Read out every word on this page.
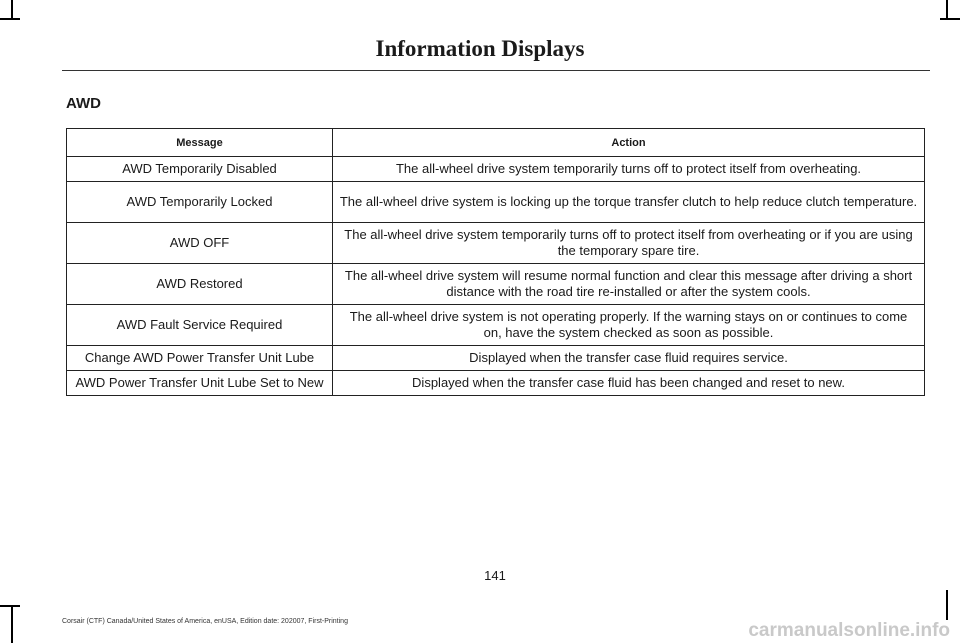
Information Displays
AWD
Message	Action
AWD Temporarily Disabled	The all-wheel drive system temporarily turns off to protect itself from overheating.
AWD Temporarily Locked	The all-wheel drive system is locking up the torque transfer clutch to help reduce clutch temperature.
AWD OFF	The all-wheel drive system temporarily turns off to protect itself from overheating or if you are using the temporary spare tire.
AWD Restored	The all-wheel drive system will resume normal function and clear this message after driving a short distance with the road tire re-installed or after the system cools.
AWD Fault Service Required	The all-wheel drive system is not operating properly. If the warning stays on or continues to come on, have the system checked as soon as possible.
Change AWD Power Transfer Unit Lube	Displayed when the transfer case fluid requires service.
AWD Power Transfer Unit Lube Set to New	Displayed when the transfer case fluid has been changed and reset to new.
141
Corsair (CTF) Canada/United States of America, enUSA, Edition date: 202007, First-Printing	carmanualsonline.info
